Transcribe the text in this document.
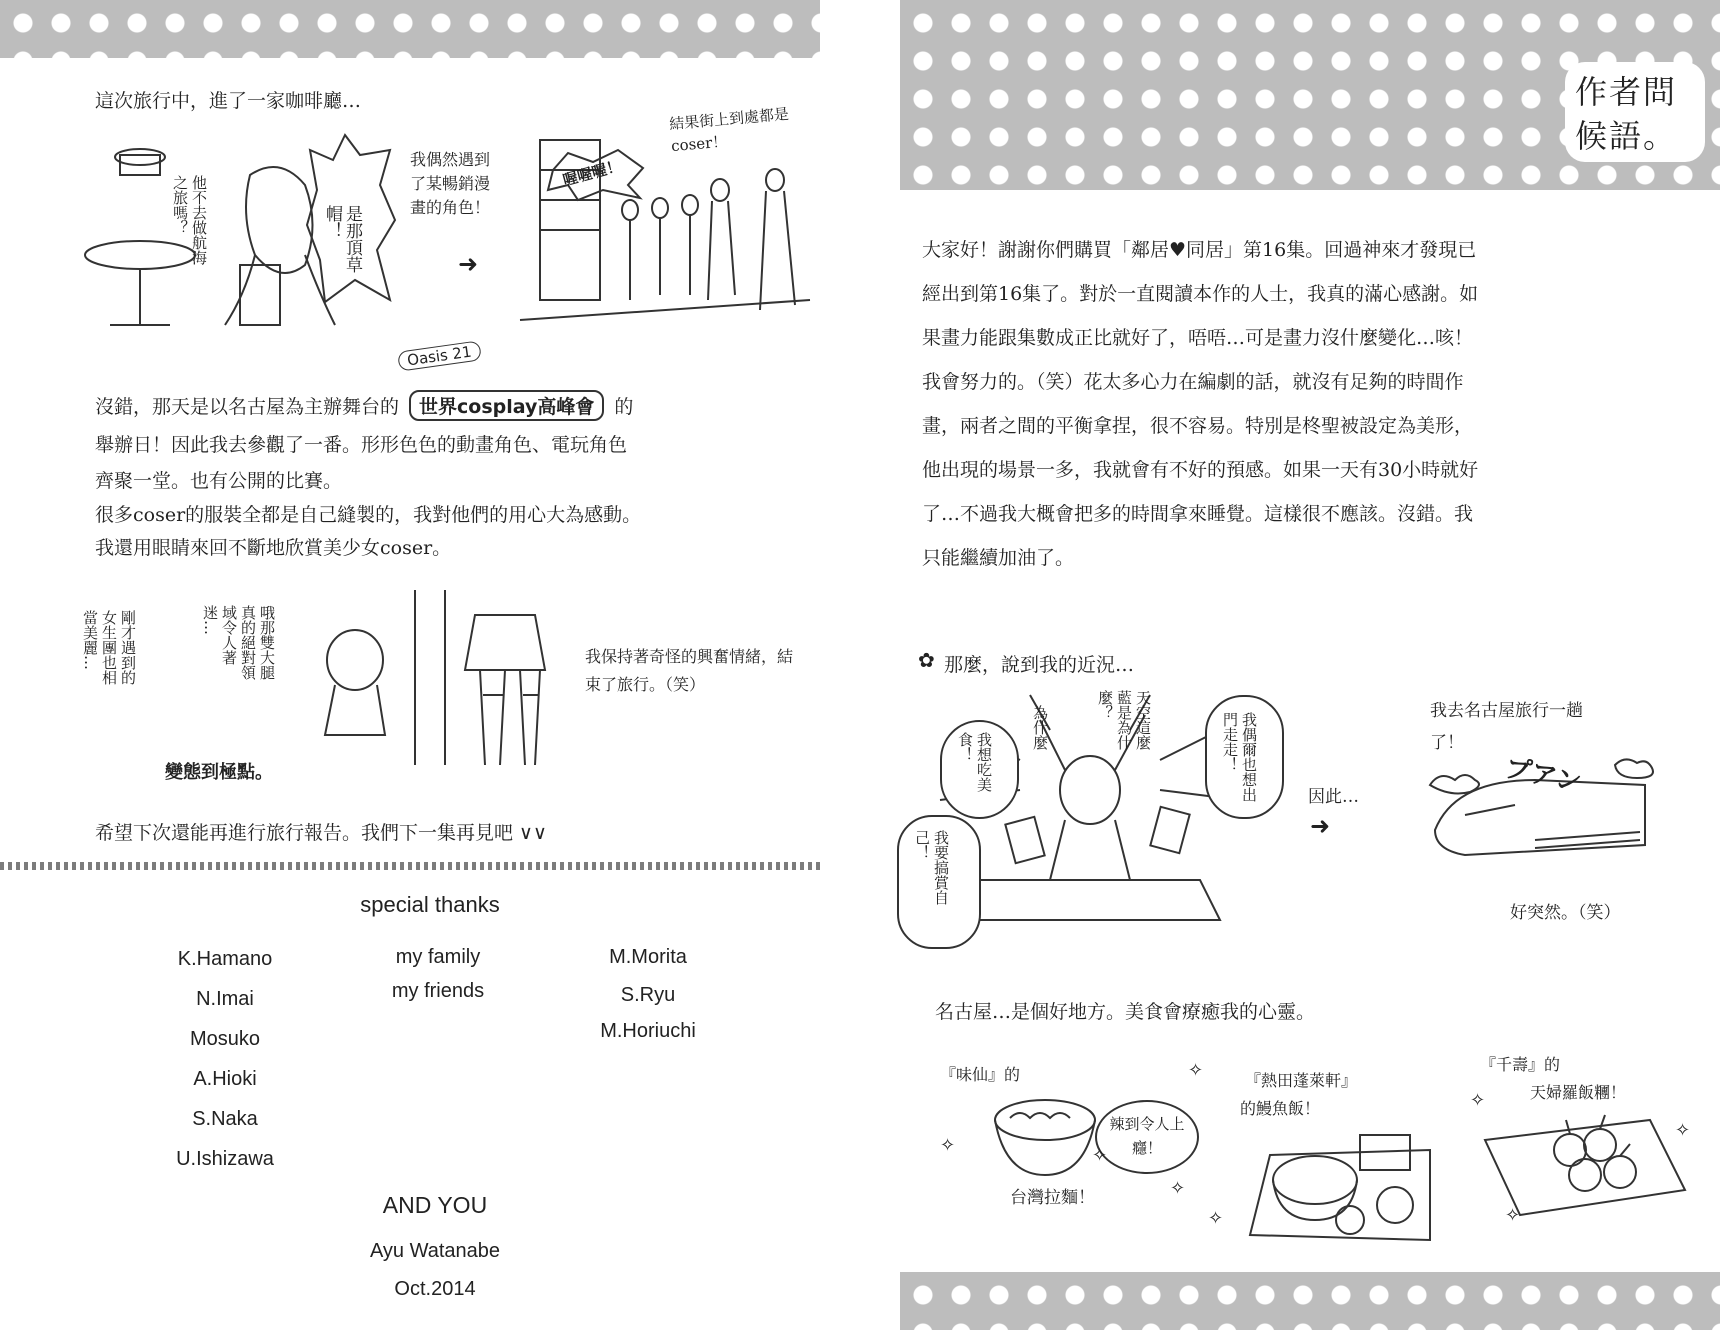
作者問候語。
這次旅行中，進了一家咖啡廳…
他不去做航海之旅嗎？	是那頂草帽！
我偶然遇到了某暢銷漫畫的角色！
➜
喔喔喔！
結果街上到處都是coser！
Oasis 21
沒錯，那天是以名古屋為主辦舞台的 世界cosplay高峰會 的
舉辦日！因此我去參觀了一番。形形色色的動畫角色、電玩角色
齊聚一堂。也有公開的比賽。
很多coser的服裝全都是自己縫製的，我對他們的用心大為感動。
我還用眼睛來回不斷地欣賞美少女coser。
剛才遇到的女生團也相當美麗…	哦那雙大腿真的絕對領域令人著迷…
我保持著奇怪的興奮情緒，結束了旅行。（笑）
變態到極點。
希望下次還能再進行旅行報告。我們下一集再見吧 ∨∨
special thanks
K.Hamano
N.Imai
Mosuko
A.Hioki
S.Naka
U.Ishizawa
my family
my friends
M.Morita
S.Ryu
M.Horiuchi
AND YOU
Ayu Watanabe
Oct.2014

大家好！謝謝你們購買「鄰居♥同居」第16集。回過神來才發現已

經出到第16集了。對於一直閱讀本作的人士，我真的滿心感謝。如

果畫力能跟集數成正比就好了，唔唔…可是畫力沒什麼變化…咳！

我會努力的。（笑）花太多心力在編劇的話，就沒有足夠的時間作

畫，兩者之間的平衡拿捏，很不容易。特別是柊聖被設定為美形，

他出現的場景一多，我就會有不好的預感。如果一天有30小時就好

了…不過我大概會把多的時間拿來睡覺。這樣很不應該。沒錯。我

只能繼續加油了。

✿ 那麼，說到我的近況…
我想吃美食！	為什麼	天空這麼藍是為什麼？
我偶爾也想出門走走！
我要搞賞自己！
因此…
➜
我去名古屋旅行一趟了！
プアン
好突然。（笑）
名古屋…是個好地方。美食會療癒我的心靈。
『味仙』的
辣到令人上癮！
台灣拉麵！
『熱田蓬萊軒』
的鰻魚飯！
『千壽』的
天婦羅飯糰！
✧
✧
✧
✧
✧	✧
✧
✧
